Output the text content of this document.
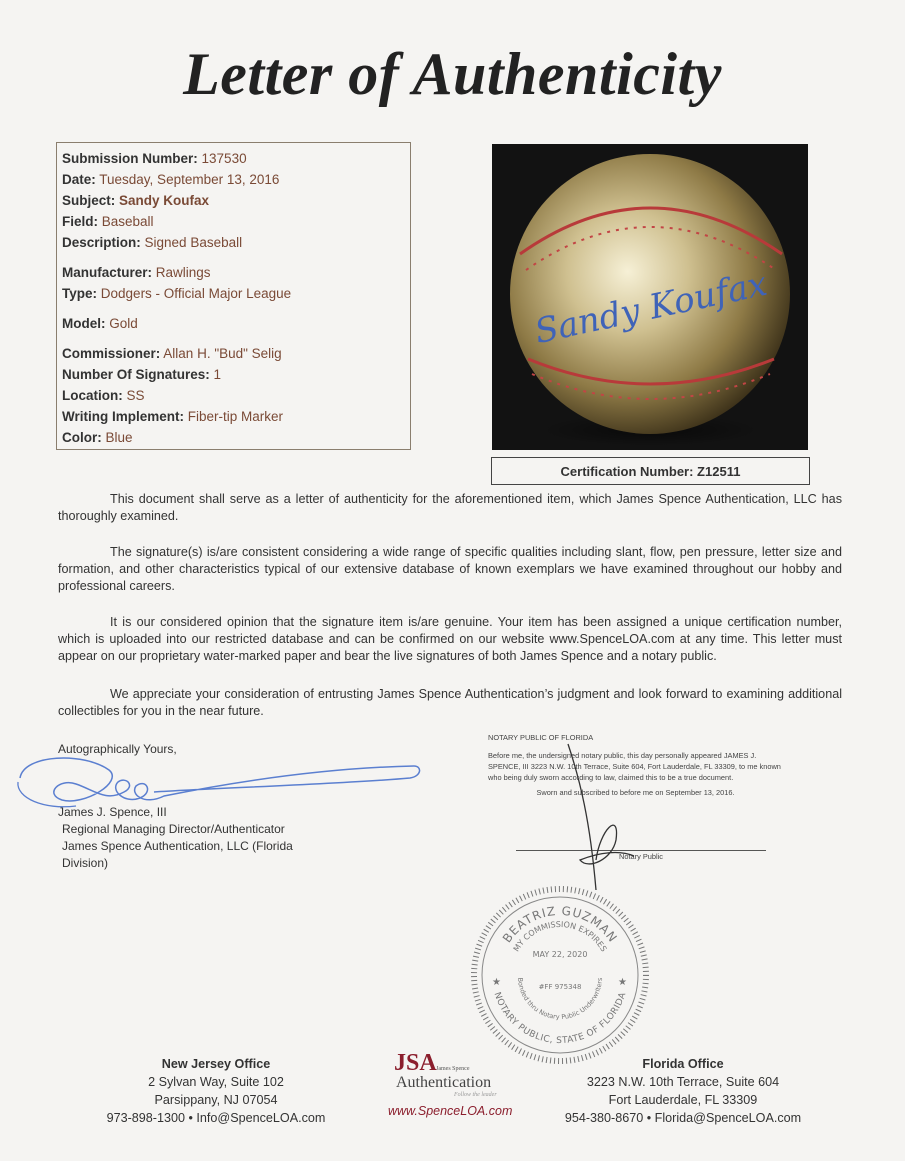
Letter of Authenticity
Submission Number: 137530
Date: Tuesday, September 13, 2016
Subject: Sandy Koufax
Field: Baseball
Description: Signed Baseball
Manufacturer: Rawlings
Type: Dodgers - Official Major League
Model: Gold
Commissioner: Allan H. "Bud" Selig
Number Of Signatures: 1
Location: SS
Writing Implement: Fiber-tip Marker
Color: Blue
Sandy Koufax
Certification Number: Z12511
This document shall serve as a letter of authenticity for the aforementioned item, which James Spence Authentication, LLC has thoroughly examined.
The signature(s) is/are consistent considering a wide range of specific qualities including slant, flow, pen pressure, letter size and formation, and other characteristics typical of our extensive database of known exemplars we have examined throughout our hobby and professional careers.
It is our considered opinion that the signature item is/are genuine. Your item has been assigned a unique certification number, which is uploaded into our restricted database and can be confirmed on our website www.SpenceLOA.com at any time. This letter must appear on our proprietary water-marked paper and bear the live signatures of both James Spence and a notary public.
We appreciate your consideration of entrusting James Spence Authentication’s judgment and look forward to examining additional collectibles for you in the near future.
Autographically Yours,
James J. Spence, III
Regional Managing Director/Authenticator
James Spence Authentication, LLC (Florida
Division)
NOTARY PUBLIC OF FLORIDA
Before me, the undersigned notary public, this day personally appeared JAMES J. SPENCE, III 3223 N.W. 10th Terrace, Suite 604, Fort Lauderdale, FL 33309, to me known who being duly sworn according to law, claimed this to be a true document.
Sworn and subscribed to before me on September 13, 2016.
Notary Public
BEATRIZ GUZMAN
MY COMMISSION EXPIRES
MAY 22, 2020
#FF 975348
Bonded thru Notary Public Underwriters
NOTARY PUBLIC, STATE OF FLORIDA
★	★
New Jersey Office
2 Sylvan Way, Suite 102
Parsippany, NJ 07054
973-898-1300 • Info@SpenceLOA.com
JSA James Spence
Authentication
Follow the leader
www.SpenceLOA.com
Florida Office
3223 N.W. 10th Terrace, Suite 604
Fort Lauderdale, FL 33309
954-380-8670 • Florida@SpenceLOA.com
